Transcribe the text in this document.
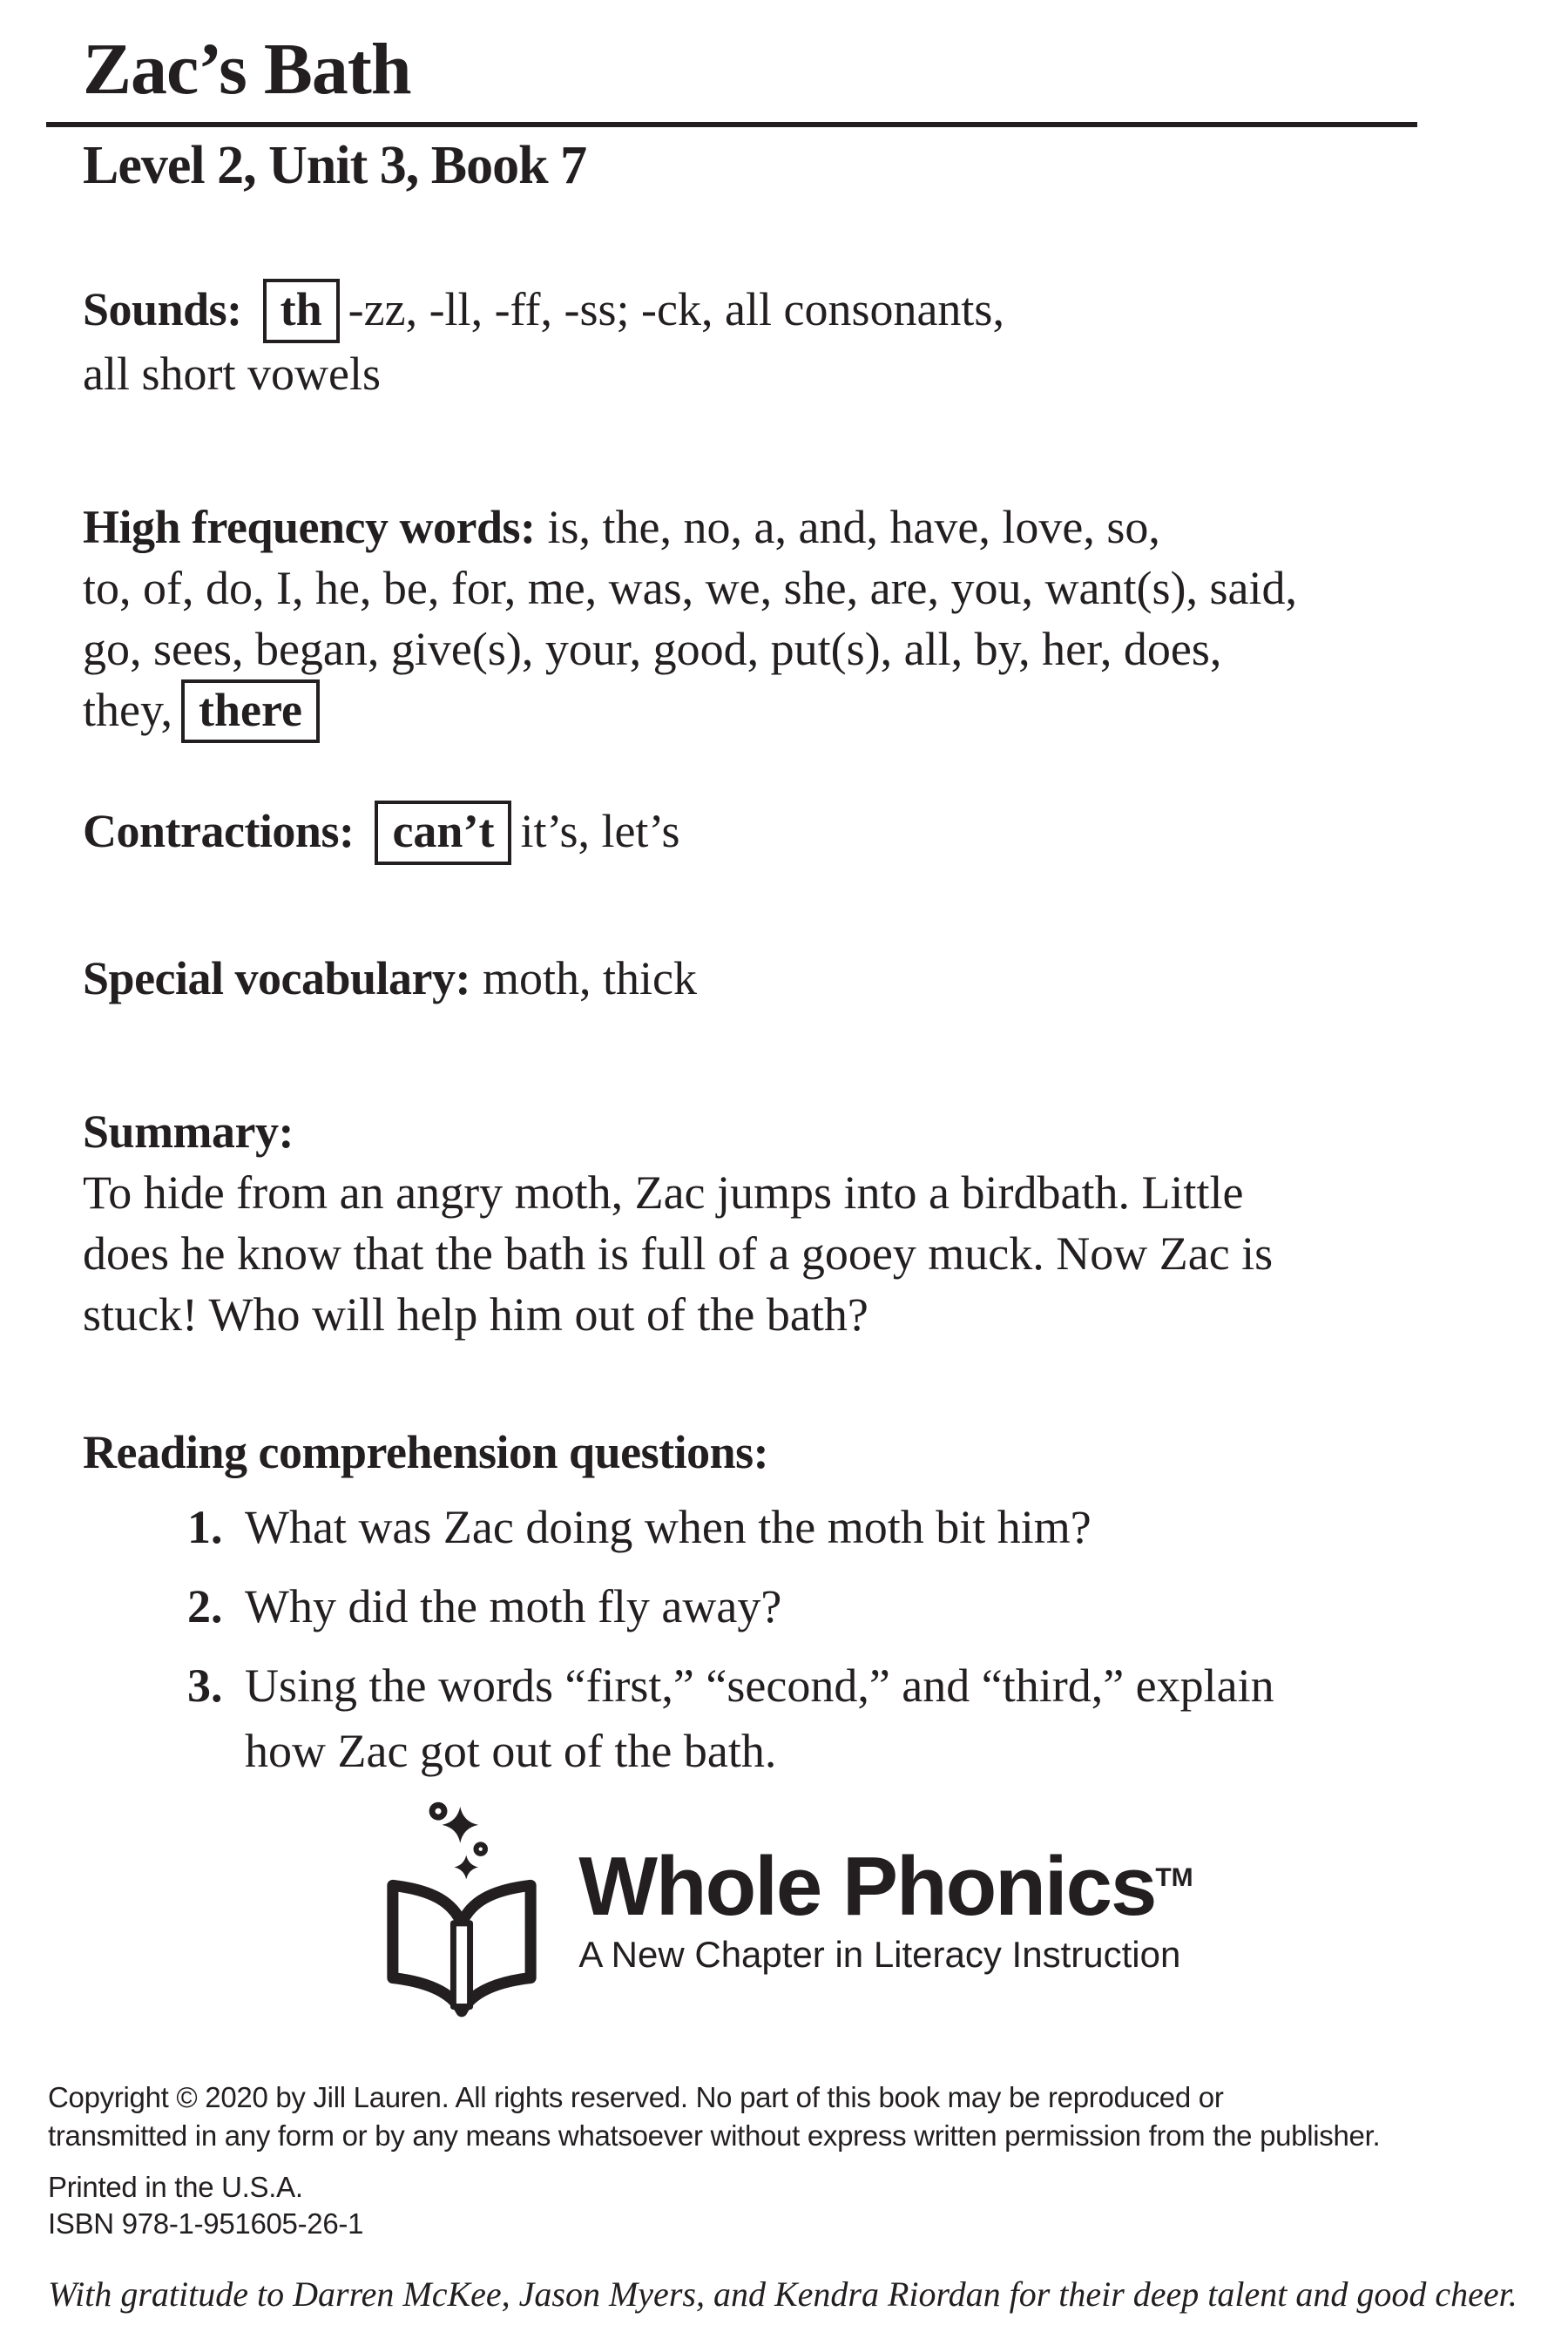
Zac’s Bath
Level 2, Unit 3, Book 7
Sounds: th -zz, -ll, -ff, -ss; -ck, all consonants,
all short vowels
High frequency words: is, the, no, a, and, have, love, so,
to, of, do, I, he, be, for, me, was, we, she, are, you, want(s), said,
go, sees, began, give(s), your, good, put(s), all, by, her, does,
they, there
Contractions: can’t it’s, let’s
Special vocabulary: moth, thick
Summary:
To hide from an angry moth, Zac jumps into a birdbath. Little
does he know that the bath is full of a gooey muck. Now Zac is
stuck! Who will help him out of the bath?
Reading comprehension questions:
1. What was Zac doing when the moth bit him?
2. Why did the moth fly away?
3. Using the words “first,” “second,” and “third,” explain
how Zac got out of the bath.
Whole Phonics™
A New Chapter in Literacy Instruction
Copyright © 2020 by Jill Lauren. All rights reserved. No part of this book may be reproduced or
transmitted in any form or by any means whatsoever without express written permission from the publisher.
Printed in the U.S.A.
ISBN 978-1-951605-26-1
With gratitude to Darren McKee, Jason Myers, and Kendra Riordan for their deep talent and good cheer.
